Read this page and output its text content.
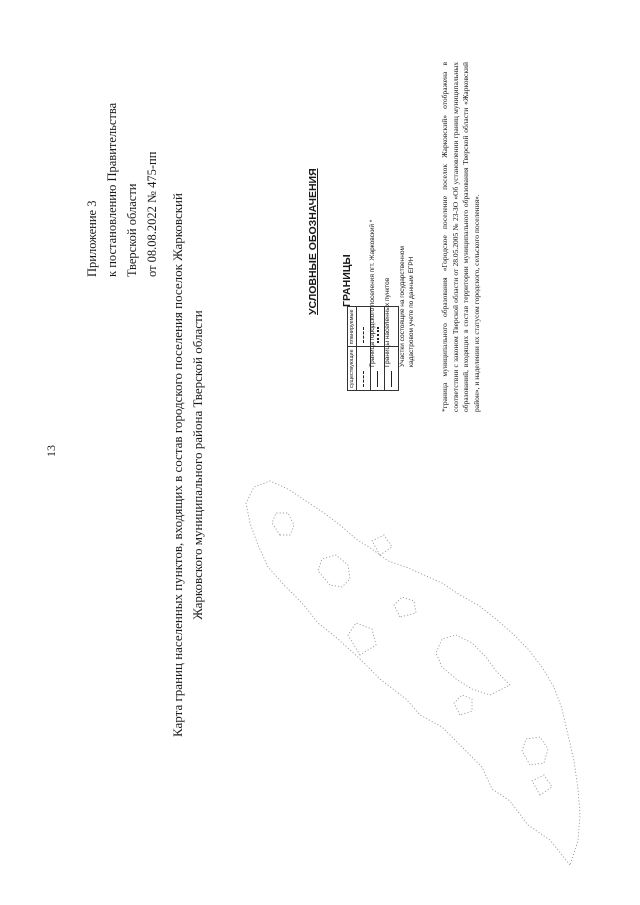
13
Приложение 3 к постановлению Правительства Тверской области от 08.08.2022 № 475-пп Карта границ населенных пунктов, входящих в состав городского поселения поселок Жарковский Жарковского муниципального района Тверской области
УСЛОВНЫЕ ОБОЗНАЧЕНИЯ ГРАНИЦЫ
существующие	планируемые

	Граница городского поселения пгт. Жарковский *	Границы населенных пунктов	Участки состоящие на государственном кадастровом учете по данным ЕГРН	*граница муниципального образования «Городское поселение поселок Жарковский» отображена в соответствии с законом Тверской области от 28.05.2005 № 23-ЗО «Об установлении границ муниципальных образований, входящих в состав территории муниципального образования Тверской области «Жарковский район», и наделении их статусом городского, сельского поселения».
